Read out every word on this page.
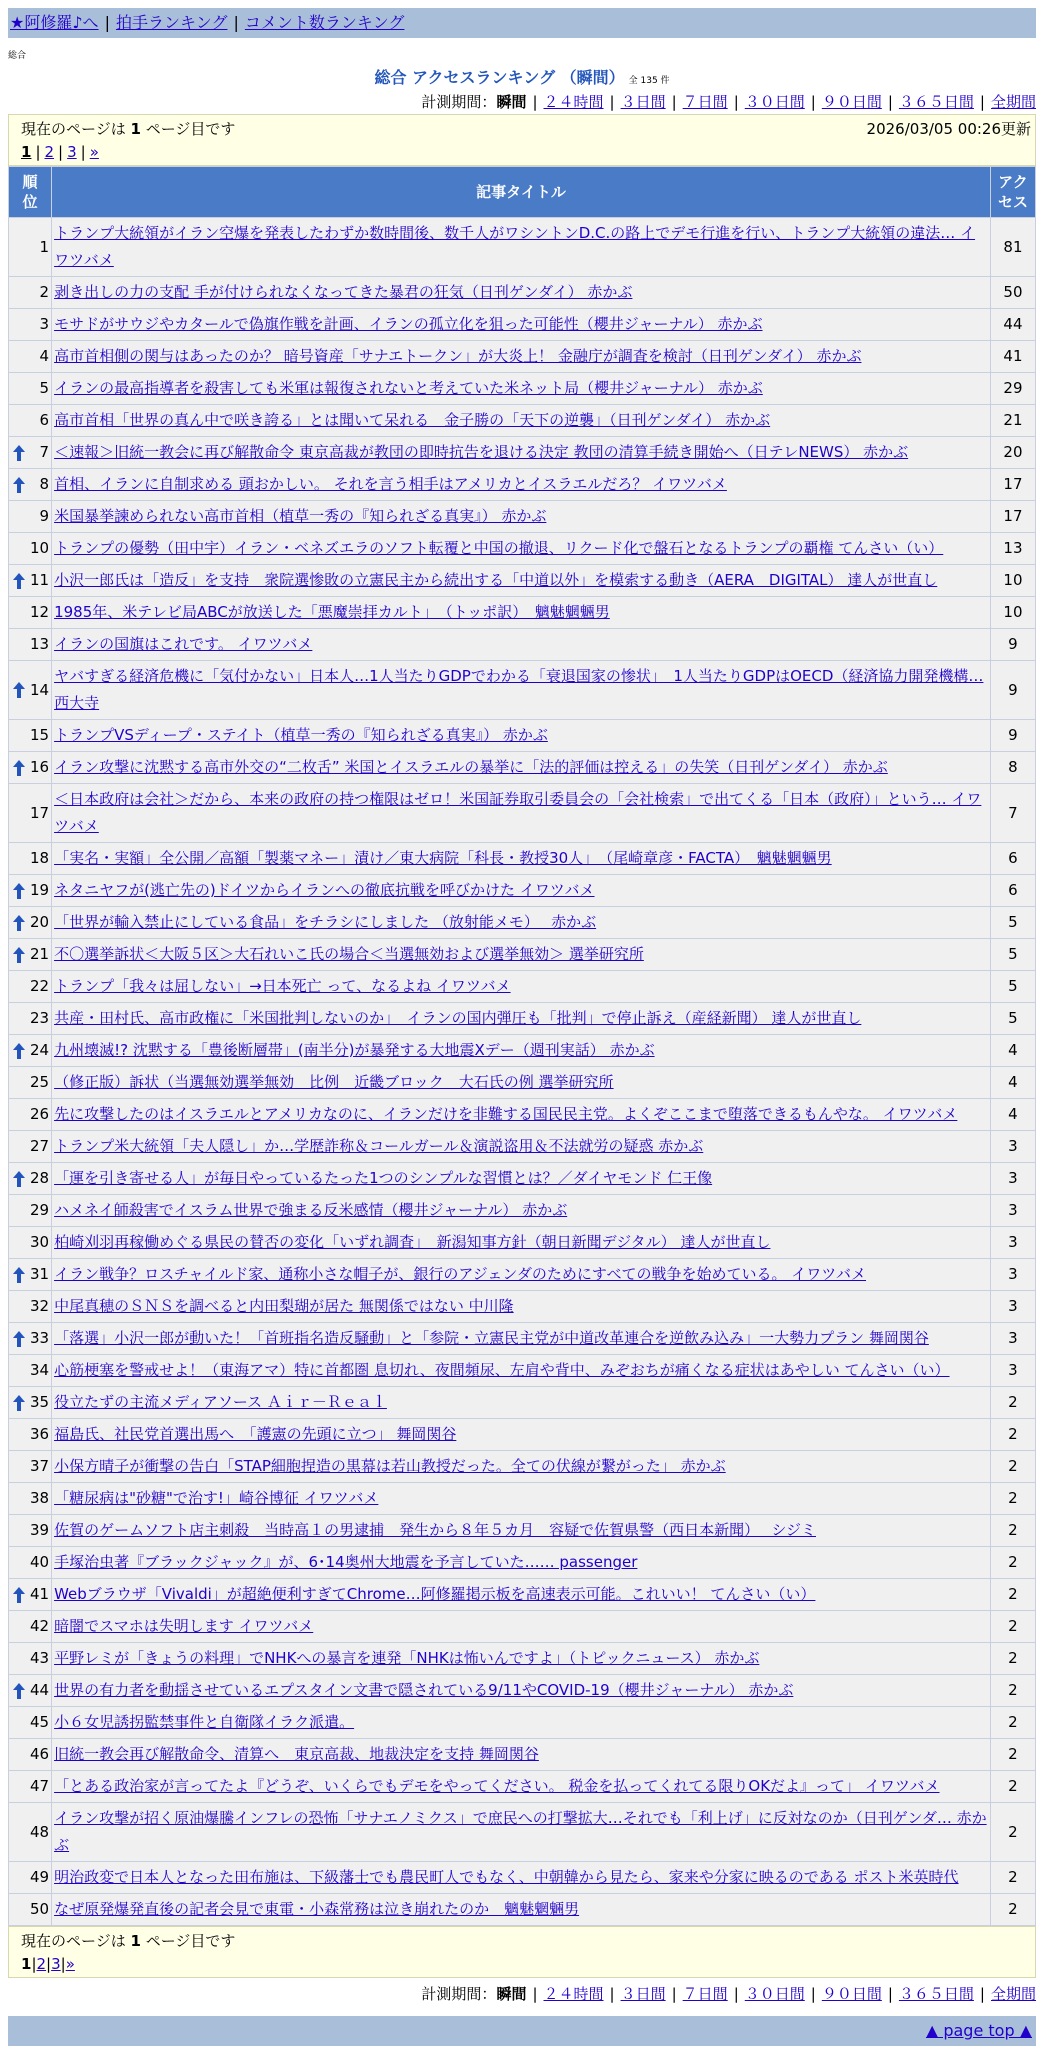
★阿修羅♪へ | 拍手ランキング | コメント数ランキング
総合
総合 アクセスランキング （瞬間） 全 135 件
計測期間：瞬間 | ２４時間 | ３日間 | ７日間 | ３０日間 | ９０日間 | ３６５日間 | 全期間
現在のページは 1 ページ目です	2026/03/05 00:26更新
1 | 2 | 3 | »
順位	記事タイトル	アクセス
1	トランプ大統領がイラン空爆を発表したわずか数時間後、数千人がワシントンD.C.の路上でデモ行進を行い、トランプ大統領の違法… イワツバメ	81
2	剥き出しの力の支配 手が付けられなくなってきた暴君の狂気（日刊ゲンダイ） 赤かぶ	50
3	モサドがサウジやカタールで偽旗作戦を計画、イランの孤立化を狙った可能性（櫻井ジャーナル） 赤かぶ	44
4	高市首相側の関与はあったのか？ 暗号資産「サナエトークン」が大炎上！ 金融庁が調査を検討（日刊ゲンダイ） 赤かぶ	41
5	イランの最高指導者を殺害しても米軍は報復されないと考えていた米ネット局（櫻井ジャーナル） 赤かぶ	29
6	高市首相「世界の真ん中で咲き誇る」とは聞いて呆れる　金子勝の「天下の逆襲」（日刊ゲンダイ） 赤かぶ	21

7	＜速報＞旧統一教会に再び解散命令 東京高裁が教団の即時抗告を退ける決定 教団の清算手続き開始へ（日テレNEWS） 赤かぶ	20

8	首相、イランに自制求める 頭おかしい。 それを言う相手はアメリカとイスラエルだろ？ イワツバメ	17
9	米国暴挙諫められない高市首相（植草一秀の『知られざる真実』） 赤かぶ	17
10	トランプの優勢（田中宇）イラン・ベネズエラのソフト転覆と中国の撤退、リクード化で盤石となるトランプの覇権 てんさい（い）	13

11	小沢一郎氏は「造反」を支持　衆院選惨敗の立憲民主から続出する「中道以外」を模索する動き（AERA　DIGITAL） 達人が世直し	10
12	1985年、米テレビ局ABCが放送した「悪魔崇拝カルト」　（トッポ訳）　魑魅魍魎男	10
13	イランの国旗はこれです。 イワツバメ	9

14	ヤバすぎる経済危機に「気付かない」日本人…1人当たりGDPでわかる「衰退国家の惨状」　1人当たりGDPはOECD（経済協力開発機構… 西大寺	9
15	トランプVSディープ・ステイト（植草一秀の『知られざる真実』） 赤かぶ	9

16	イラン攻撃に沈黙する高市外交の“二枚舌” 米国とイスラエルの暴挙に「法的評価は控える」の失笑（日刊ゲンダイ） 赤かぶ	8
17	＜日本政府は会社＞だから、本来の政府の持つ権限はゼロ！米国証券取引委員会の「会社検索」で出てくる「日本（政府）」という… イワツバメ	7
18	「実名・実額」全公開／高額「製薬マネー」漬け／東大病院「科長・教授30人」　（尾崎章彦・FACTA）　魑魅魍魎男	6

19	ネタニヤフが(逃亡先の)ドイツからイランへの徹底抗戦を呼びかけた イワツバメ	6

20	「世界が輸入禁止にしている食品」をチラシにしました （放射能メモ）　 赤かぶ	5

21	不〇選挙訴状＜大阪５区＞大石れいこ氏の場合＜当選無効および選挙無効＞ 選挙研究所	5
22	トランプ「我々は屈しない」→日本死亡 って、なるよね イワツバメ	5
23	共産・田村氏、高市政権に「米国批判しないのか」　イランの国内弾圧も「批判」で停止訴え（産経新聞） 達人が世直し	5

24	九州壊滅!? 沈黙する「豊後断層帯」(南半分)が暴発する大地震Xデー（週刊実話） 赤かぶ	4
25	（修正版）訴状（当選無効選挙無効　比例　近畿ブロック　大石氏の例 選挙研究所	4
26	先に攻撃したのはイスラエルとアメリカなのに、イランだけを非難する国民民主党。よくぞここまで堕落できるもんやな。 イワツバメ	4
27	トランプ米大統領「夫人隠し」か…学歴詐称＆コールガール＆演説盗用＆不法就労の疑惑 赤かぶ	3

28	「運を引き寄せる人」が毎日やっているたった1つのシンプルな習慣とは？／ダイヤモンド 仁王像	3
29	ハメネイ師殺害でイスラム世界で強まる反米感情（櫻井ジャーナル） 赤かぶ	3
30	柏崎刈羽再稼働めぐる県民の賛否の変化「いずれ調査」　新潟知事方針（朝日新聞デジタル） 達人が世直し	3

31	イラン戦争？ロスチャイルド家、通称小さな帽子が、銀行のアジェンダのためにすべての戦争を始めている。 イワツバメ	3
32	中尾真穂のＳＮＳを調べると内田梨瑚が居た 無関係ではない 中川隆	3

33	「落選」小沢一郎が動いた！「首班指名造反騒動」と「参院・立憲民主党が中道改革連合を逆飲み込み」一大勢力プラン 舞岡関谷	3
34	心筋梗塞を警戒せよ！（東海アマ）特に首都圏 息切れ、夜間頻尿、左肩や背中、みぞおちが痛くなる症状はあやしい てんさい（い）	3

35	役立たずの主流メディアソース Ａｉｒ－Ｒｅａｌ	2
36	福島氏、社民党首選出馬へ　「護憲の先頭に立つ」 舞岡関谷	2
37	小保方晴子が衝撃の告白「STAP細胞捏造の黒幕は若山教授だった。全ての伏線が繋がった」 赤かぶ	2
38	「糖尿病は"砂糖"で治す!」崎谷博征 イワツバメ	2
39	佐賀のゲームソフト店主刺殺　当時高１の男逮捕　発生から８年５カ月　容疑で佐賀県警（西日本新聞）　 シジミ	2
40	手塚治虫著『ブラックジャック』が、6･14奥州大地震を予言していた…… passenger	2

41	Webブラウザ「Vivaldi」が超絶便利すぎてChrome…阿修羅掲示板を高速表示可能。これいい！ てんさい（い）	2
42	暗闇でスマホは失明します イワツバメ	2
43	平野レミが「きょうの料理」でNHKへの暴言を連発「NHKは怖いんですよ」（トピックニュース） 赤かぶ	2

44	世界の有力者を動揺させているエプスタイン文書で隠されている9/11やCOVID-19（櫻井ジャーナル） 赤かぶ	2
45	小６女児誘拐監禁事件と自衛隊イラク派遣。	2
46	旧統一教会再び解散命令、清算へ　東京高裁、地裁決定を支持 舞岡関谷	2
47	「とある政治家が言ってたよ『どうぞ、いくらでもデモをやってください。 税金を払ってくれてる限りOKだよ』って」 イワツバメ	2
48	イラン攻撃が招く原油爆騰インフレの恐怖「サナエノミクス」で庶民への打撃拡大…それでも「利上げ」に反対なのか（日刊ゲンダ… 赤かぶ	2
49	明治政変で日本人となった田布施は、下級藩士でも農民町人でもなく、中朝韓から見たら、家来や分家に映るのである ポスト米英時代	2
50	なぜ原発爆発直後の記者会見で東電・小森常務は泣き崩れたのか　魑魅魍魎男	2
現在のページは 1 ページ目です
1|2|3|»
計測期間：瞬間 | ２４時間 | ３日間 | ７日間 | ３０日間 | ９０日間 | ３６５日間 | 全期間
▲ page top ▲
